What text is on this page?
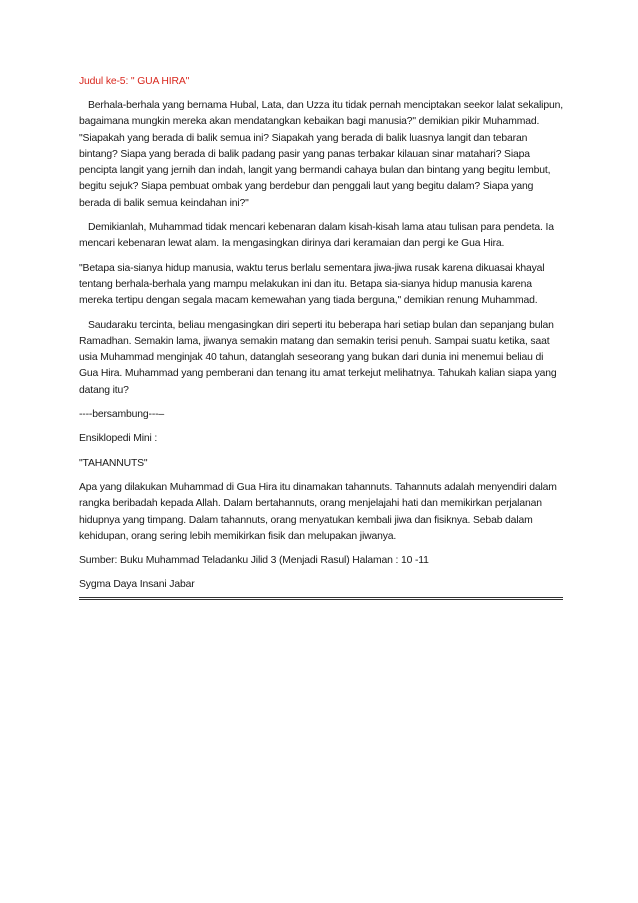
Judul ke-5: " GUA HIRA"

Berhala-berhala yang bernama Hubal, Lata, dan Uzza itu tidak pernah menciptakan seekor lalat sekalipun, bagaimana mungkin mereka akan mendatangkan kebaikan bagi manusia?" demikian pikir Muhammad. "Siapakah yang berada di balik semua ini? Siapakah yang berada di balik luasnya langit dan tebaran bintang? Siapa yang berada di balik padang pasir yang panas terbakar kilauan sinar matahari? Siapa pencipta langit yang jernih dan indah, langit yang bermandi cahaya bulan dan bintang yang begitu lembut, begitu sejuk? Siapa pembuat ombak yang berdebur dan penggali laut yang begitu dalam? Siapa yang berada di balik semua keindahan ini?"

Demikianlah, Muhammad tidak mencari kebenaran dalam kisah-kisah lama atau tulisan para pendeta. Ia mencari kebenaran lewat alam. Ia mengasingkan dirinya dari keramaian dan pergi ke Gua Hira.

"Betapa sia-sianya hidup manusia, waktu terus berlalu sementara jiwa-jiwa rusak karena dikuasai khayal tentang berhala-berhala yang mampu melakukan ini dan itu. Betapa sia-sianya hidup manusia karena mereka tertipu dengan segala macam kemewahan yang tiada berguna," demikian renung Muhammad.

Saudaraku tercinta, beliau mengasingkan diri seperti itu beberapa hari setiap bulan dan sepanjang bulan Ramadhan. Semakin lama, jiwanya semakin matang dan semakin terisi penuh. Sampai suatu ketika, saat usia Muhammad menginjak 40 tahun, datanglah seseorang yang bukan dari dunia ini menemui beliau di Gua Hira. Muhammad yang pemberani dan tenang itu amat terkejut melihatnya. Tahukah kalian siapa yang datang itu?

----bersambung---–
Ensiklopedi Mini :
"TAHANNUTS"

Apa yang dilakukan Muhammad di Gua Hira itu dinamakan tahannuts. Tahannuts adalah menyendiri dalam rangka beribadah kepada Allah. Dalam bertahannuts, orang menjelajahi hati dan memikirkan perjalanan hidupnya yang timpang. Dalam tahannuts, orang menyatukan kembali jiwa dan fisiknya. Sebab dalam kehidupan, orang sering lebih memikirkan fisik dan melupakan jiwanya.

Sumber: Buku Muhammad Teladanku Jilid 3 (Menjadi Rasul) Halaman : 10 -11
Sygma Daya Insani Jabar
